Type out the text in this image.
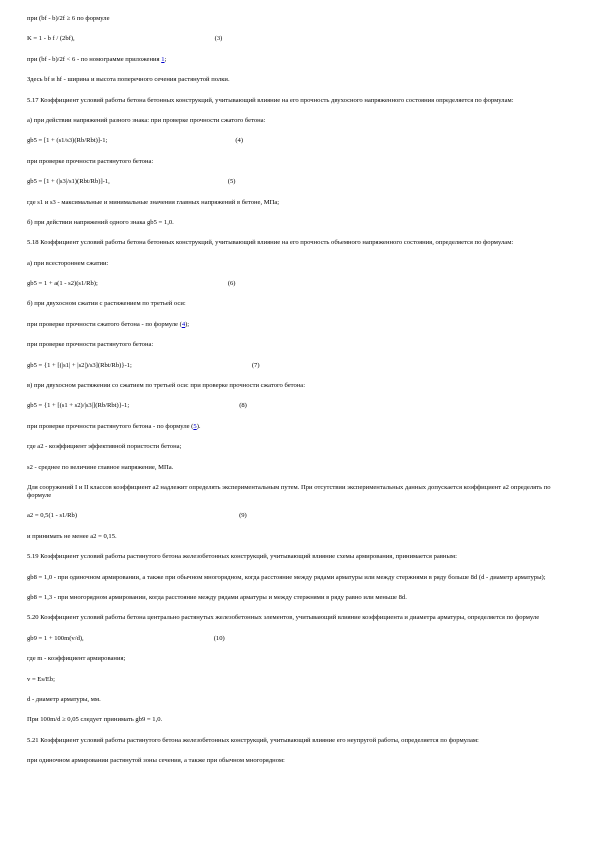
при (bf - b)/2f ≥ 6 по формуле
K = 1 - b f / (2bf),	(3)
при (bf - b)/2f < 6 - по номограмме приложения 1;
Здесь bf и hf - ширина и высота поперечного сечения растянутой полки.
5.17 Коэффициент условий работы бетона бетонных конструкций, учитывающий влияние на его прочность двухосного напряженного состояния определяется по формулам:
а) при действии напряжений разного знака: при проверке прочности сжатого бетона:
gb5 = [1 + (s1/s3)(Rb/Rbt)]-1;	(4)
при проверке прочности растянутого бетона:
gb5 = [1 + (|s3|/s1)(Rbt/Rb)]-1,	(5)
где s1 и s3 - максимальные и минимальные значения главных напряжений в бетоне, МПа;
б) при действии напряжений одного знака gb5 = 1,0.
5.18 Коэффициент условий работы бетона бетонных конструкций, учитывающий влияние на его прочность объемного напряженного состояния, определяется по формулам:
а) при всестороннем сжатии:
gb5 = 1 + a(1 - s2)(s1/Rb);	(6)
б) при двухосном сжатии с растяжением по третьей оси:
при проверке прочности сжатого бетона - по формуле (4);
при проверке прочности растянутого бетона:
gb5 = {1 + [(|s1| + |s2|)/s3](Rbt/Rb)}-1;	(7)
в) при двухосном растяжении со сжатием по третьей оси: при проверке прочности сжатого бетона:
gb5 = {1 + [(s1 + s2)/|s3|](Rb/Rbt)}-1;	(8)
при проверке прочности растянутого бетона - по формуле (5).
где a2 - коэффициент эффективной пористости бетона;
s2 - среднее по величине главное напряжение, МПа.
Для сооружений I и II классов коэффициент a2 надлежит определять экспериментальным путем. При отсутствии экспериментальных данных допускается коэффициент a2 определять по формуле
a2 = 0,5(1 - s1/Rb)	(9)
и принимать не менее a2 = 0,15.
5.19 Коэффициент условий работы растянутого бетона железобетонных конструкций, учитывающий влияние схемы армирования, принимается равным:
gb8 = 1,0 - при одиночном армировании, а также при обычном многорядном, когда расстояние между рядами арматуры или между стержнями в ряду больше 8d (d - диаметр арматуры);
gb8 = 1,3 - при многорядном армировании, когда расстояние между рядами арматуры и между стержнями в ряду равно или меньше 8d.
5.20 Коэффициент условий работы бетона центрально растянутых железобетонных элементов, учитывающий влияние коэффициента и диаметра арматуры, определяется по формуле
gb9 = 1 + 100m(v/d),	(10)
где m - коэффициент армирования;
v = Es/Eb;
d - диаметр арматуры, мм.
При 100m/d ≥ 0,05 следует принимать gb9 = 1,0.
5.21 Коэффициент условий работы растянутого бетона железобетонных конструкций, учитывающий влияние его неупругой работы, определяется по формулам:
при одиночном армировании растянутой зоны сечения, а также при обычном многорядном:
